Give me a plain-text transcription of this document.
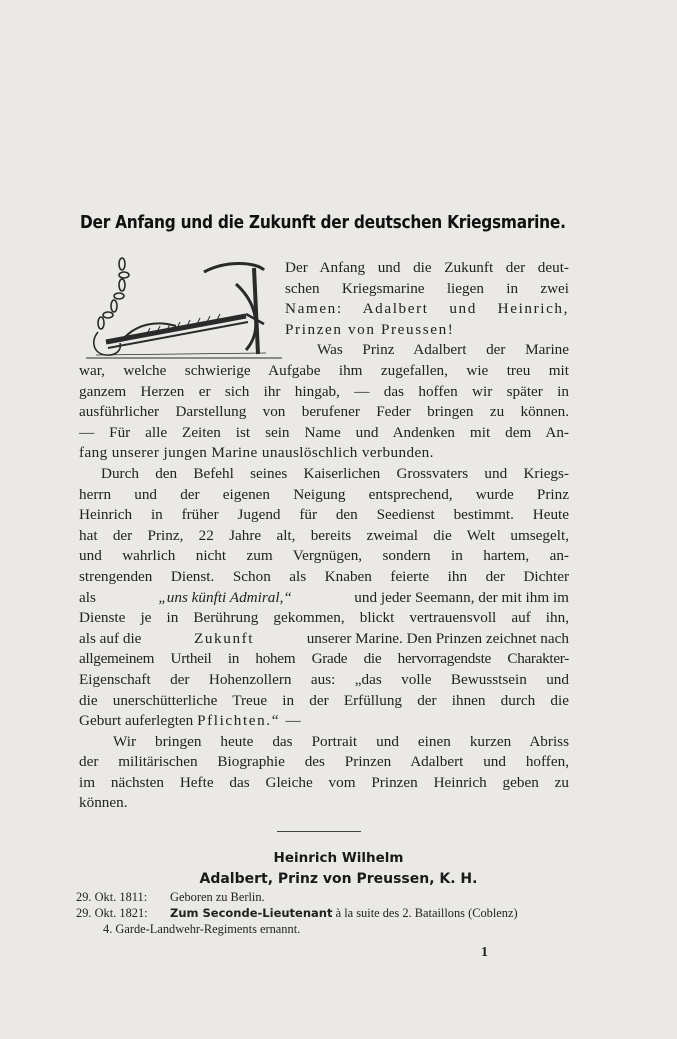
Der Anfang und die Zukunft der deutschen Kriegsmarine.
Der Anfang und die Zukunft der deut-
schen Kriegsmarine liegen in zwei
Namen: Adalbert und Heinrich,
Prinzen von Preussen!
Was Prinz Adalbert der Marine
war, welche schwierige Aufgabe ihm zugefallen, wie treu mit
ganzem Herzen er sich ihr hingab, — das hoffen wir später in
ausführlicher Darstellung von berufener Feder bringen zu können.
— Für alle Zeiten ist sein Name und Andenken mit dem An-
fang unserer jungen Marine unauslöschlich verbunden.
Durch den Befehl seines Kaiserlichen Grossvaters und Kriegs-
herrn und der eigenen Neigung entsprechend, wurde Prinz
Heinrich in früher Jugend für den Seedienst bestimmt. Heute
hat der Prinz, 22 Jahre alt, bereits zweimal die Welt umsegelt,
und wahrlich nicht zum Vergnügen, sondern in hartem, an-
strengenden Dienst. Schon als Knaben feierte ihn der Dichter
als	„uns künfti Admiral,“	und jeder Seemann, der mit ihm im
Dienste je in Berührung gekommen, blickt vertrauensvoll auf ihn,
als auf die	Zukunft	unserer Marine. Den Prinzen zeichnet nach
allgemeinem Urtheil in hohem Grade die hervorragendste Charakter-
Eigenschaft der Hohenzollern aus: „das volle Bewusstsein und
die unerschütterliche Treue in der Erfüllung der ihnen durch die
Geburt auferlegten Pflichten.“ —
Wir bringen heute das Portrait und einen kurzen Abriss
der militärischen Biographie des Prinzen Adalbert und hoffen,
im nächsten Hefte das Gleiche vom Prinzen Heinrich geben zu
können.
Heinrich Wilhelm
Adalbert, Prinz von Preussen, K. H.
29. Okt. 1811: Geboren zu Berlin.
29. Okt. 1821: Zum Seconde-Lieutenant à la suite des 2. Bataillons (Coblenz)
4. Garde-Landwehr-Regiments ernannt.
1
